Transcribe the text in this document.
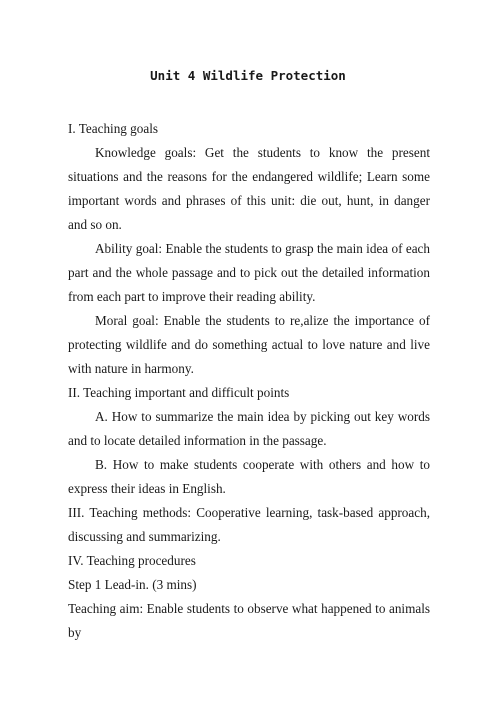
Unit 4 Wildlife Protection

I. Teaching goals

Knowledge goals: Get the students to know the present situations and the reasons for the endangered wildlife; Learn some important words and phrases of this unit: die out, hunt, in danger and so on.

Ability goal: Enable the students to grasp the main idea of each part and the whole passage and to pick out the detailed information from each part to improve their reading ability.

Moral goal: Enable the students to re,alize the importance of protecting wildlife and do something actual to love nature and live with nature in harmony.

II. Teaching important and difficult points

A. How to summarize the main idea by picking out key words and to locate detailed information in the passage.

B. How to make students cooperate with others and how to express their ideas in English.

III. Teaching methods: Cooperative learning, task-based approach, discussing and summarizing.

IV. Teaching procedures

Step 1 Lead-in. (3 mins)

Teaching aim: Enable students to observe what happened to animals by
